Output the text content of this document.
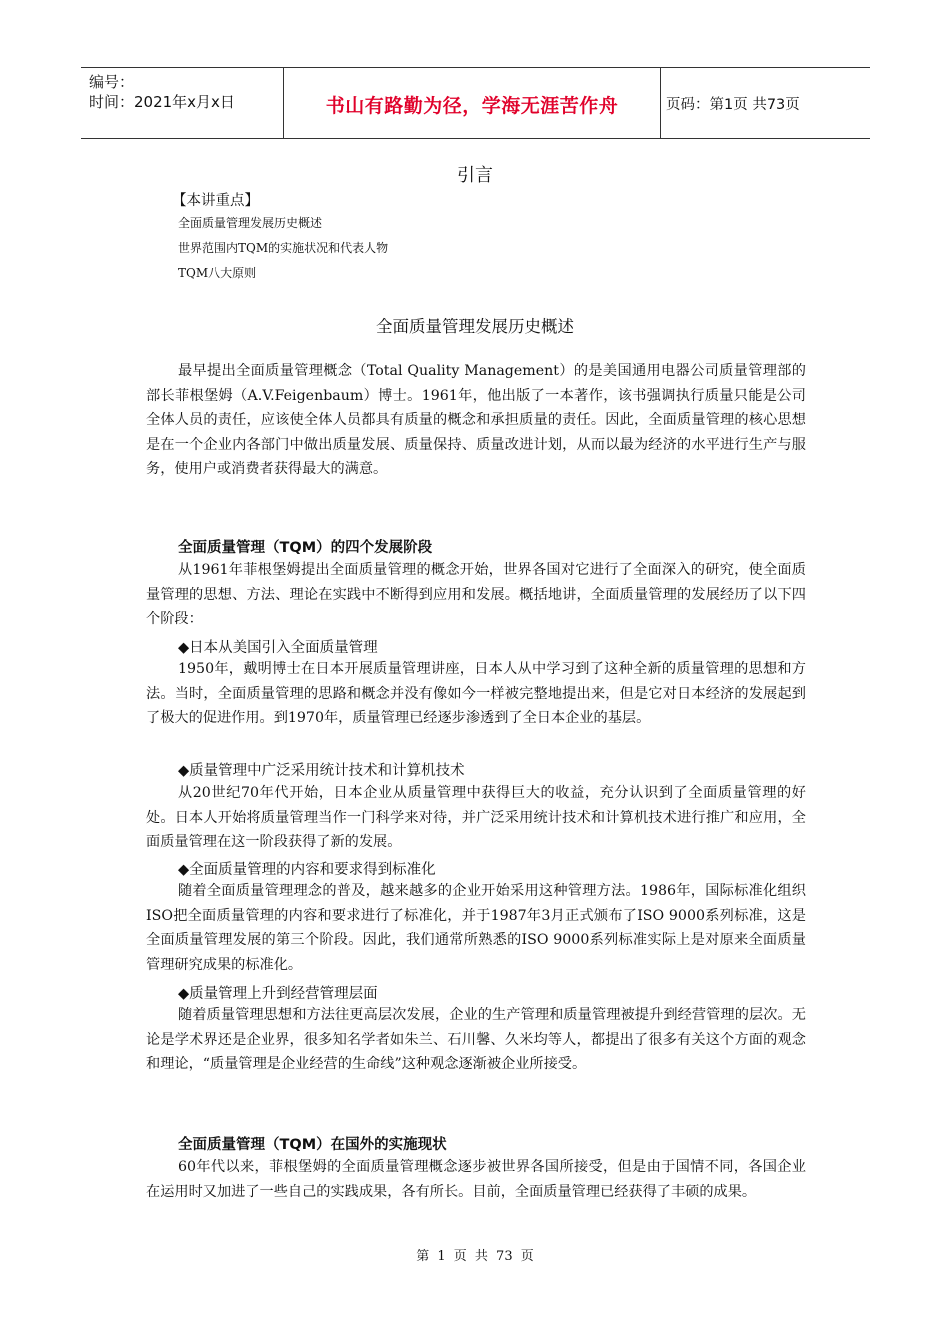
编号：
时间：2021年x月x日	书山有路勤为径，学海无涯苦作舟	页码：第1页 共73页
引言
【本讲重点】
全面质量管理发展历史概述
世界范围内TQM的实施状况和代表人物
TQM八大原则
全面质量管理发展历史概述

最早提出全面质量管理概念（Total Quality Management）的是美国通用电器公司质量管理部的部长菲根堡姆（A.V.Feigenbaum）博士。1961年，他出版了一本著作，该书强调执行质量只能是公司全体人员的责任，应该使全体人员都具有质量的概念和承担质量的责任。因此，全面质量管理的核心思想是在一个企业内各部门中做出质量发展、质量保持、质量改进计划，从而以最为经济的水平进行生产与服务，使用户或消费者获得最大的满意。

全面质量管理（TQM）的四个发展阶段

从1961年菲根堡姆提出全面质量管理的概念开始，世界各国对它进行了全面深入的研究，使全面质量管理的思想、方法、理论在实践中不断得到应用和发展。概括地讲，全面质量管理的发展经历了以下四个阶段：

◆日本从美国引入全面质量管理

1950年，戴明博士在日本开展质量管理讲座，日本人从中学习到了这种全新的质量管理的思想和方法。当时，全面质量管理的思路和概念并没有像如今一样被完整地提出来，但是它对日本经济的发展起到了极大的促进作用。到1970年，质量管理已经逐步渗透到了全日本企业的基层。

◆质量管理中广泛采用统计技术和计算机技术

从20世纪70年代开始，日本企业从质量管理中获得巨大的收益，充分认识到了全面质量管理的好处。日本人开始将质量管理当作一门科学来对待，并广泛采用统计技术和计算机技术进行推广和应用，全面质量管理在这一阶段获得了新的发展。

◆全面质量管理的内容和要求得到标准化

随着全面质量管理理念的普及，越来越多的企业开始采用这种管理方法。1986年，国际标准化组织ISO把全面质量管理的内容和要求进行了标准化，并于1987年3月正式颁布了ISO 9000系列标准，这是全面质量管理发展的第三个阶段。因此，我们通常所熟悉的ISO 9000系列标准实际上是对原来全面质量管理研究成果的标准化。

◆质量管理上升到经营管理层面

随着质量管理思想和方法往更高层次发展，企业的生产管理和质量管理被提升到经营管理的层次。无论是学术界还是企业界，很多知名学者如朱兰、石川馨、久米均等人，都提出了很多有关这个方面的观念和理论，“质量管理是企业经营的生命线”这种观念逐渐被企业所接受。

全面质量管理（TQM）在国外的实施现状

60年代以来，菲根堡姆的全面质量管理概念逐步被世界各国所接受，但是由于国情不同，各国企业在运用时又加进了一些自己的实践成果，各有所长。目前，全面质量管理已经获得了丰硕的成果。

第 1 页 共 73 页
